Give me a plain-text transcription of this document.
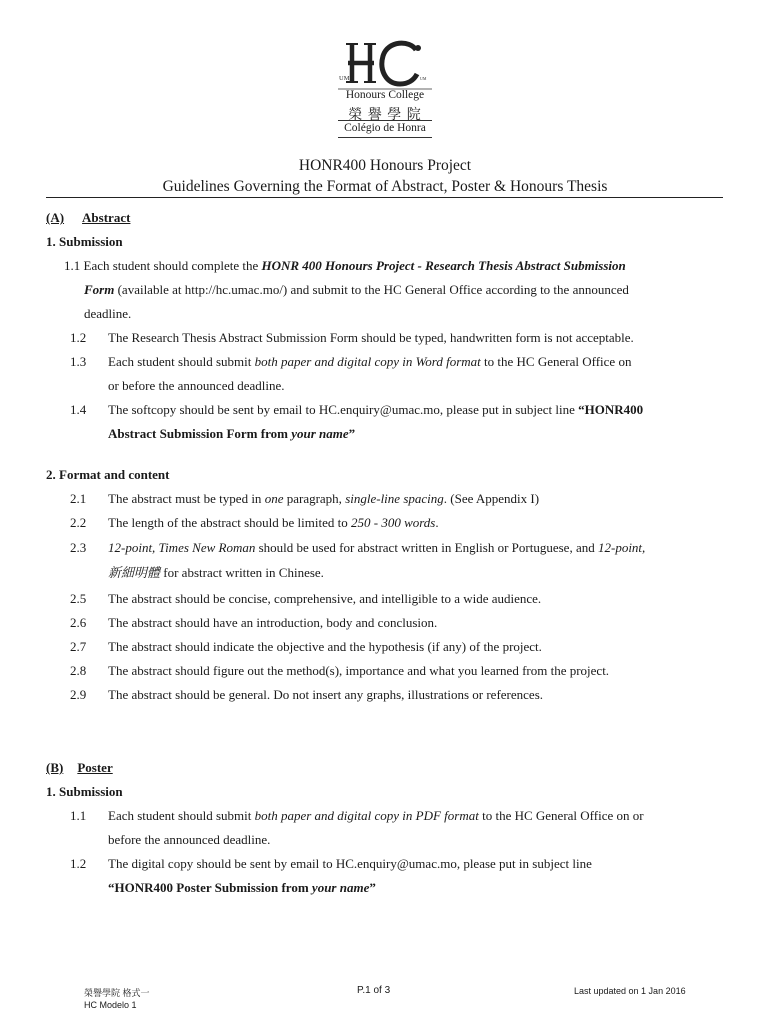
UM	UM
Honours College
榮 譽 學 院
Colégio de Honra
HONR400 Honours Project
Guidelines Governing the Format of Abstract, Poster & Honours Thesis
(A) Abstract
1. Submission
1.1 Each student should complete the HONR 400 Honours Project - Research Thesis Abstract Submission
Form (available at http://hc.umac.mo/) and submit to the HC General Office according to the announced
deadline.
1.2 The Research Thesis Abstract Submission Form should be typed, handwritten form is not acceptable.
1.3 Each student should submit both paper and digital copy in Word format to the HC General Office on
or before the announced deadline.
1.4 The softcopy should be sent by email to HC.enquiry@umac.mo, please put in subject line “HONR400
Abstract Submission Form from your name”
2. Format and content
2.1 The abstract must be typed in one paragraph, single-line spacing. (See Appendix I)
2.2 The length of the abstract should be limited to 250 - 300 words.
2.3 12-point, Times New Roman should be used for abstract written in English or Portuguese, and 12-point,
新細明體 for abstract written in Chinese.
2.5 The abstract should be concise, comprehensive, and intelligible to a wide audience.
2.6 The abstract should have an introduction, body and conclusion.
2.7 The abstract should indicate the objective and the hypothesis (if any) of the project.
2.8 The abstract should figure out the method(s), importance and what you learned from the project.
2.9 The abstract should be general. Do not insert any graphs, illustrations or references.
(B) Poster
1. Submission
1.1 Each student should submit both paper and digital copy in PDF format to the HC General Office on or
before the announced deadline.
1.2 The digital copy should be sent by email to HC.enquiry@umac.mo, please put in subject line
“HONR400 Poster Submission from your name”
榮譽學院 格式一
HC Modelo 1
P.1 of 3	Last updated on 1 Jan 2016
